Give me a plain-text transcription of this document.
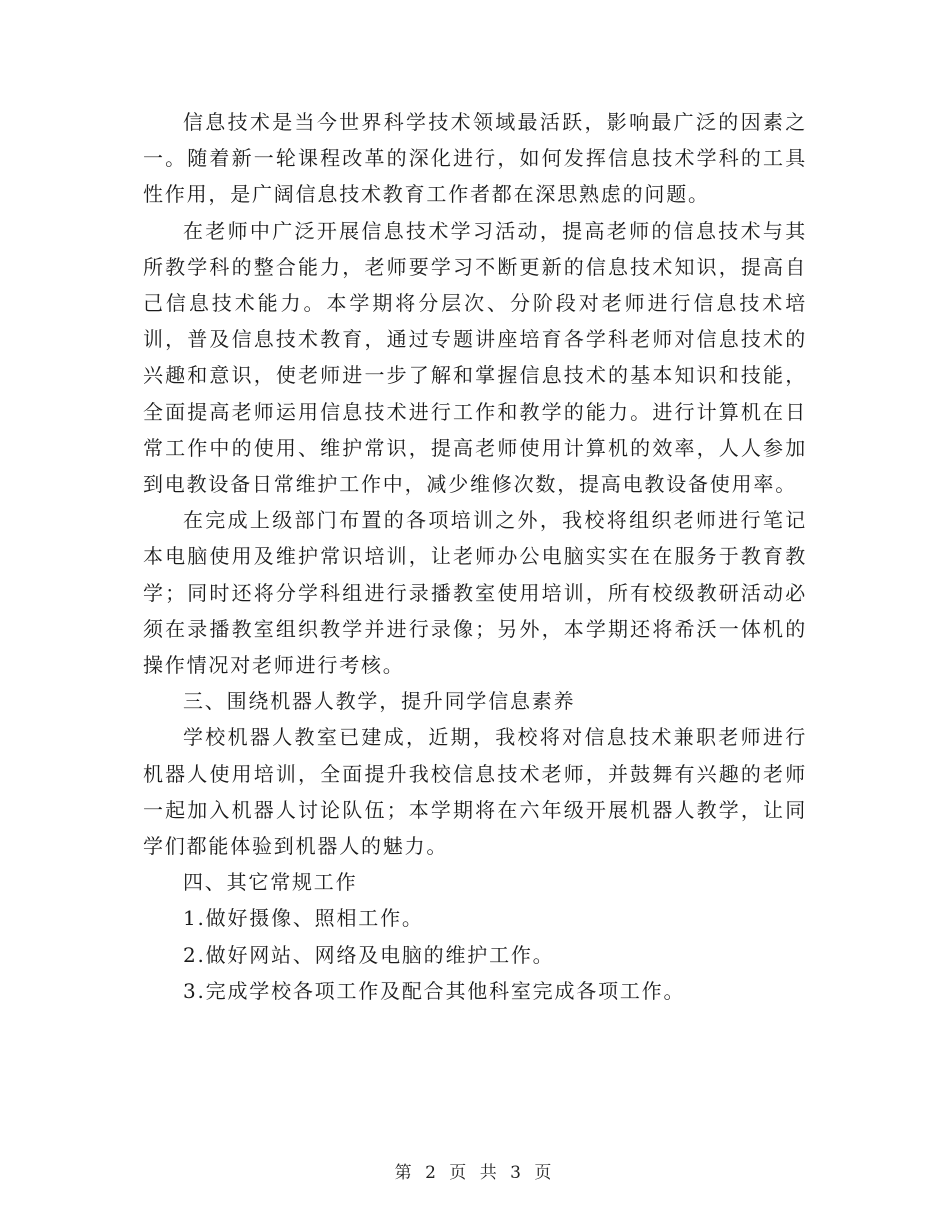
信息技术是当今世界科学技术领域最活跃，影响最广泛的因素之一。随着新一轮课程改革的深化进行，如何发挥信息技术学科的工具性作用，是广阔信息技术教育工作者都在深思熟虑的问题。

在老师中广泛开展信息技术学习活动，提高老师的信息技术与其所教学科的整合能力，老师要学习不断更新的信息技术知识，提高自己信息技术能力。本学期将分层次、分阶段对老师进行信息技术培训，普及信息技术教育，通过专题讲座培育各学科老师对信息技术的兴趣和意识，使老师进一步了解和掌握信息技术的基本知识和技能，全面提高老师运用信息技术进行工作和教学的能力。进行计算机在日常工作中的使用、维护常识，提高老师使用计算机的效率，人人参加到电教设备日常维护工作中，减少维修次数，提高电教设备使用率。

在完成上级部门布置的各项培训之外，我校将组织老师进行笔记本电脑使用及维护常识培训，让老师办公电脑实实在在服务于教育教学；同时还将分学科组进行录播教室使用培训，所有校级教研活动必须在录播教室组织教学并进行录像；另外，本学期还将希沃一体机的操作情况对老师进行考核。

三、围绕机器人教学，提升同学信息素养

学校机器人教室已建成，近期，我校将对信息技术兼职老师进行机器人使用培训，全面提升我校信息技术老师，并鼓舞有兴趣的老师一起加入机器人讨论队伍；本学期将在六年级开展机器人教学，让同学们都能体验到机器人的魅力。

四、其它常规工作

1.做好摄像、照相工作。

2.做好网站、网络及电脑的维护工作。

3.完成学校各项工作及配合其他科室完成各项工作。

第 2 页 共 3 页
